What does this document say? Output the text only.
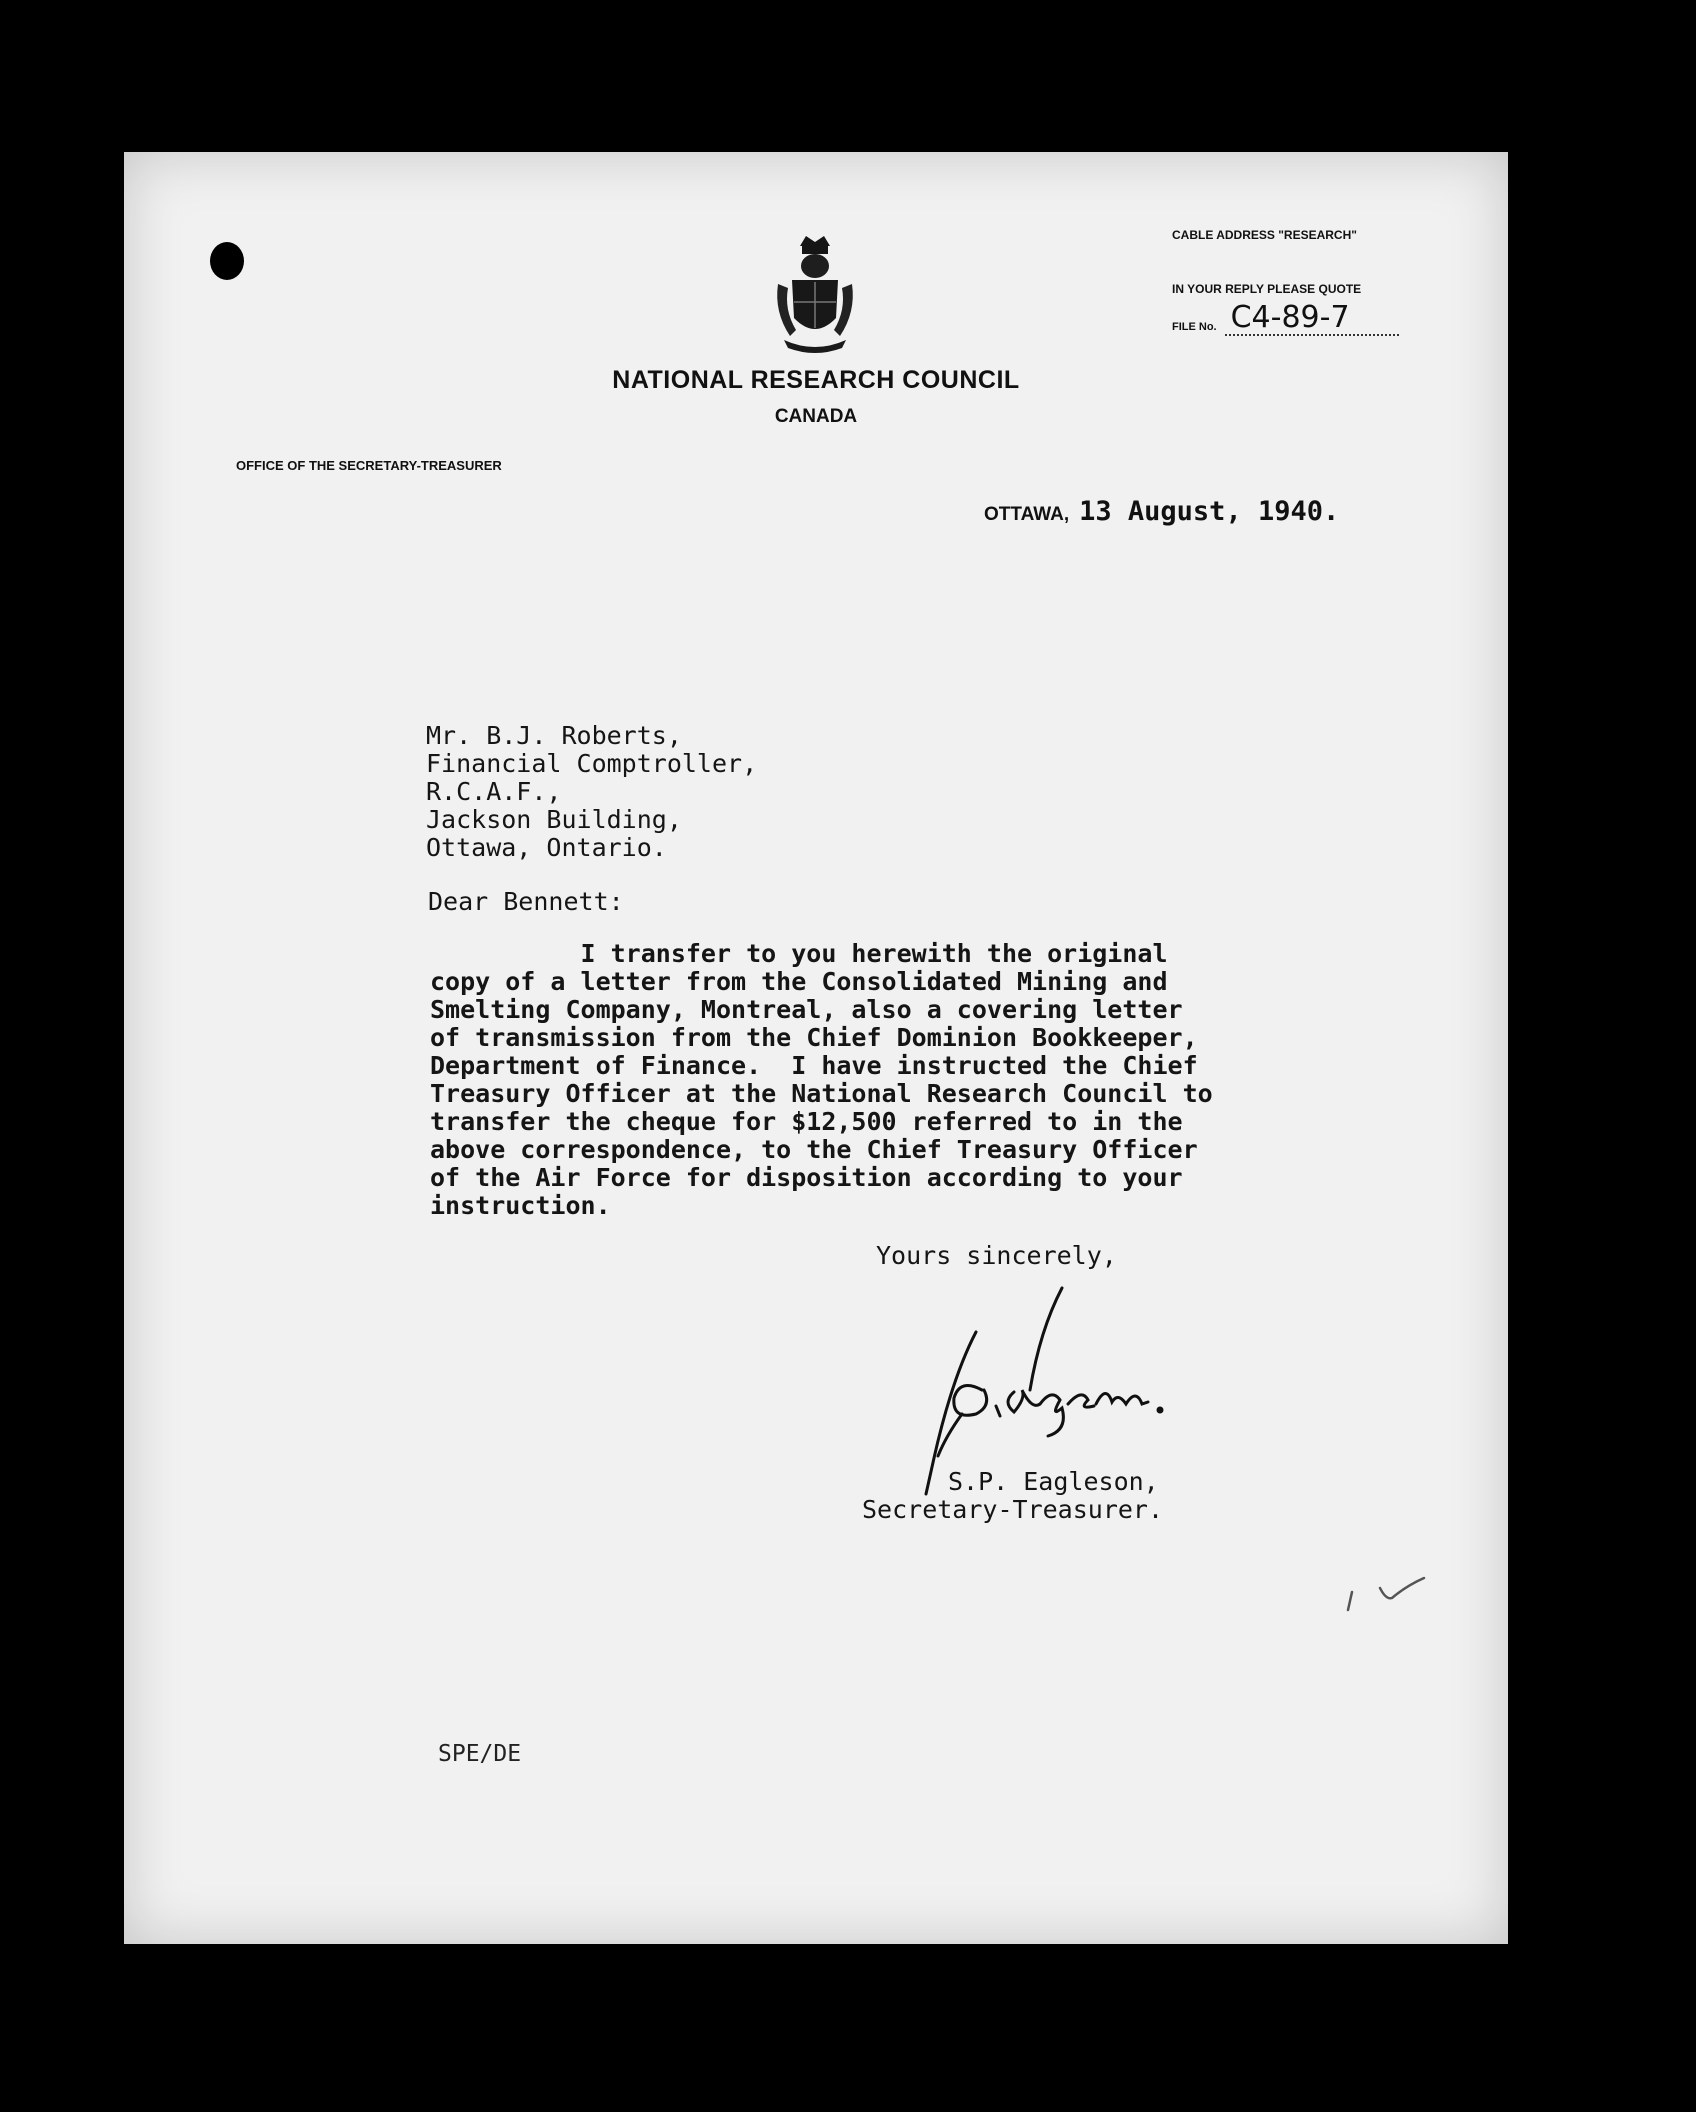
NATIONAL RESEARCH COUNCIL
CANADA
OFFICE OF THE SECRETARY-TREASURER
CABLE ADDRESS "RESEARCH"
IN YOUR REPLY PLEASE QUOTE
FILE No. C4-89-7
OTTAWA, 13 August, 1940.
Mr. B.J. Roberts,
Financial Comptroller,
R.C.A.F.,
Jackson Building,
Ottawa, Ontario.
Dear Bennett:
I transfer to you herewith the original
copy of a letter from the Consolidated Mining and
Smelting Company, Montreal, also a covering letter
of transmission from the Chief Dominion Bookkeeper,
Department of Finance.  I have instructed the Chief
Treasury Officer at the National Research Council to
transfer the cheque for $12,500 referred to in the
above correspondence, to the Chief Treasury Officer
of the Air Force for disposition according to your
instruction.
Yours sincerely,
S.P. Eagleson,
Secretary-Treasurer.
SPE/DE
